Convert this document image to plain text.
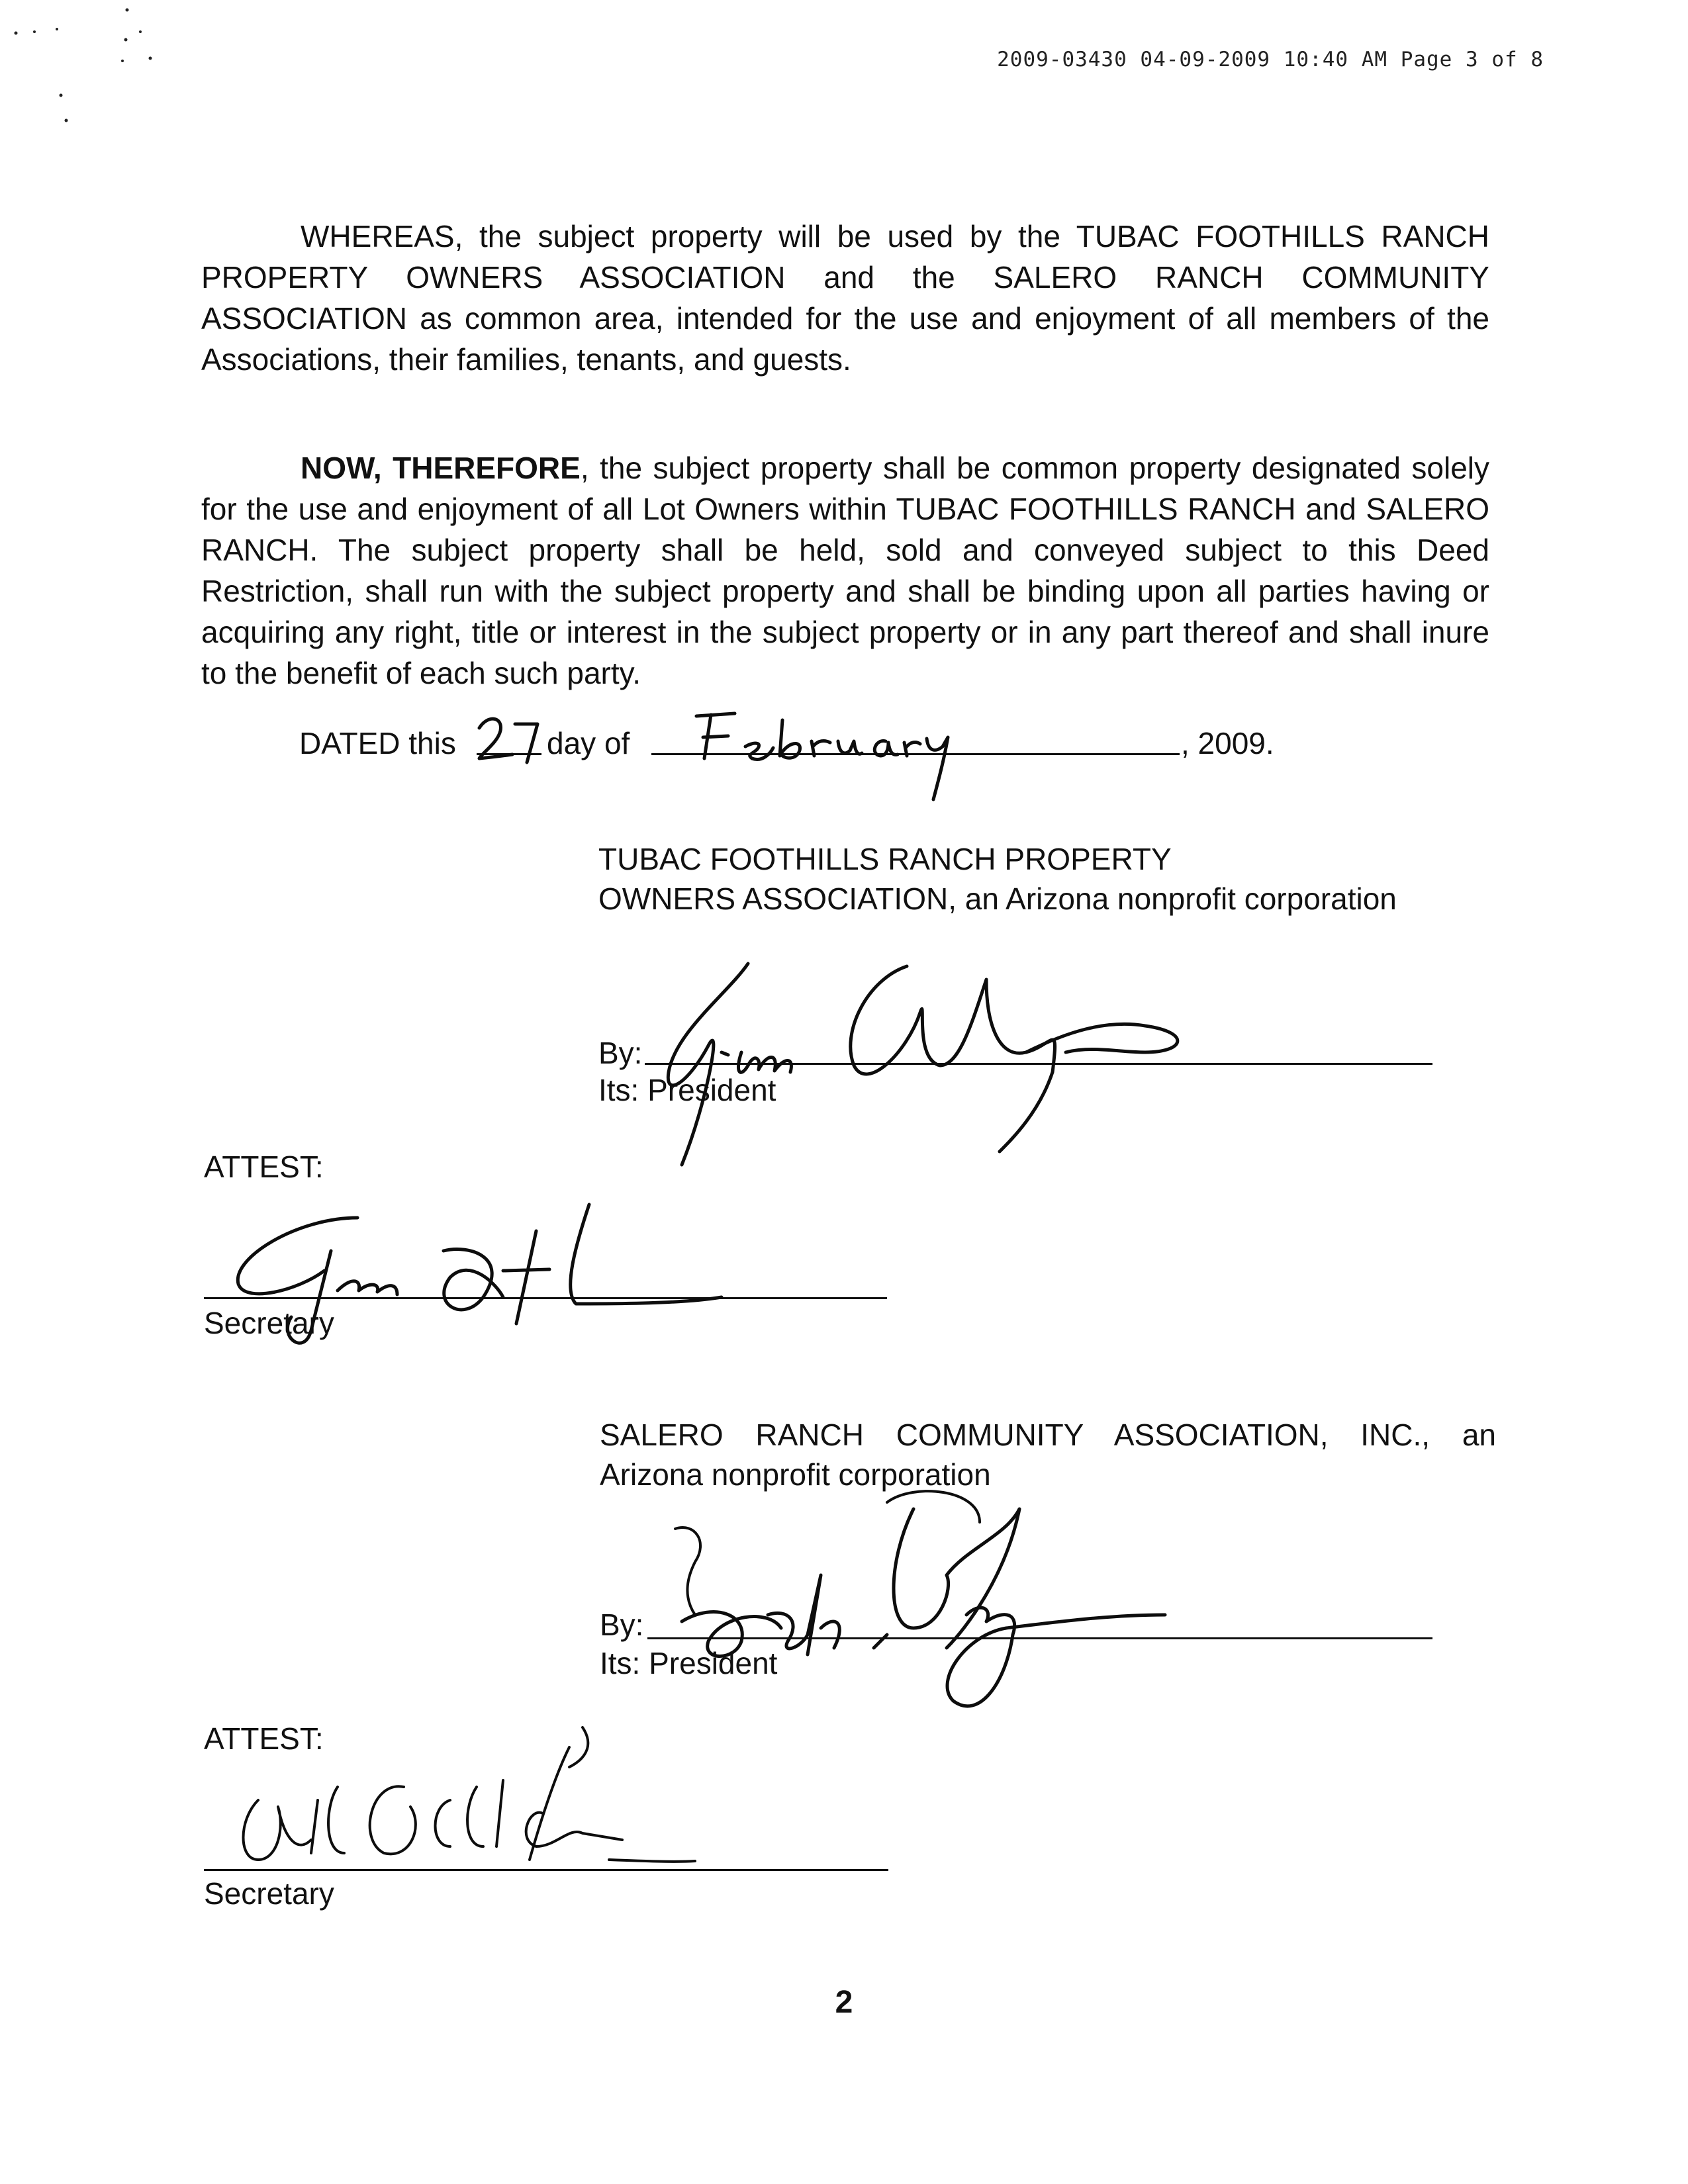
2009-03430 04-09-2009 10:40 AM Page 3 of 8

WHEREAS, the subject property will be used by the TUBAC FOOTHILLS RANCH PROPERTY OWNERS ASSOCIATION and the SALERO RANCH COMMUNITY ASSOCIATION as common area, intended for the use and enjoyment of all members of the Associations, their families, tenants, and guests.

NOW, THEREFORE, the subject property shall be common property designated solely for the use and enjoyment of all Lot Owners within TUBAC FOOTHILLS RANCH and SALERO RANCH. The subject property shall be held, sold and conveyed subject to this Deed Restriction, shall run with the subject property and shall be binding upon all parties having or acquiring any right, title or interest in the subject property or in any part thereof and shall inure to the benefit of each such party.

DATED this	day of	, 2009.
TUBAC FOOTHILLS RANCH PROPERTY
OWNERS ASSOCIATION, an Arizona nonprofit corporation
By:
Its: President
ATTEST:
Secretary
SALERO RANCH COMMUNITY ASSOCIATION, INC., an
Arizona nonprofit corporation
By:
Its: President
ATTEST:
Secretary
2
